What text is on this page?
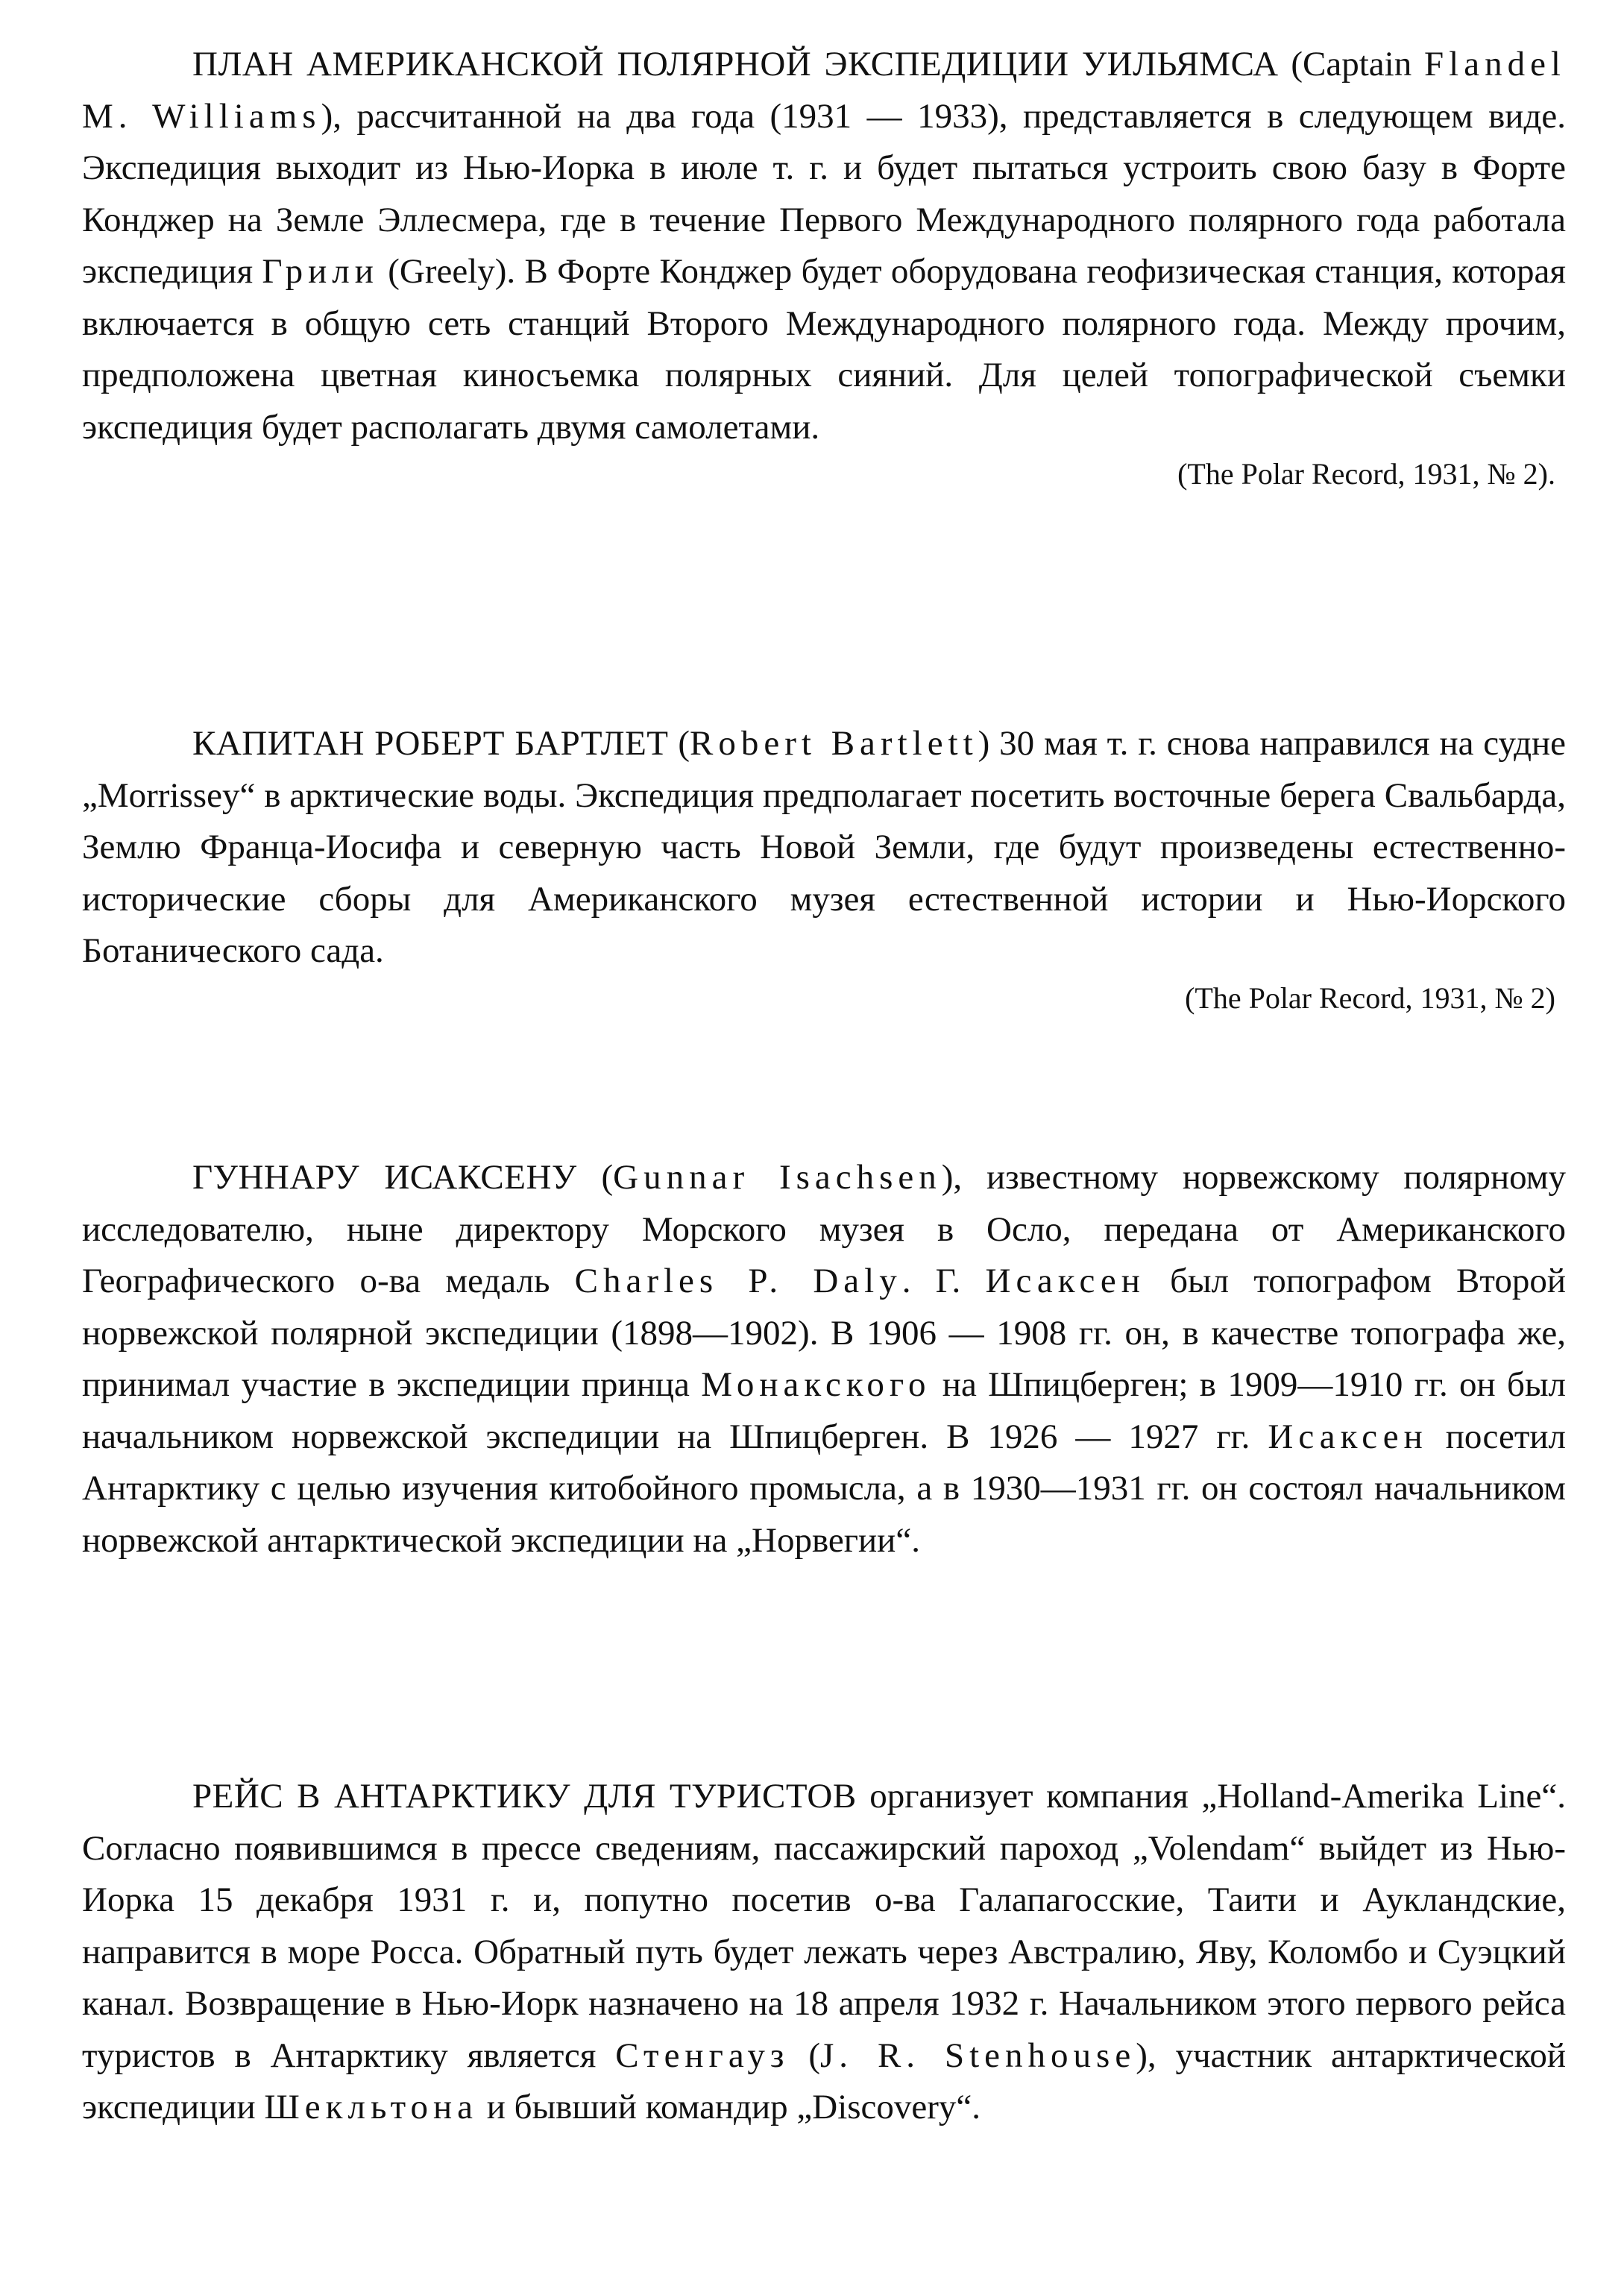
ПЛАН АМЕРИКАНСКОЙ ПОЛЯРНОЙ ЭКСПЕДИЦИИ УИЛЬЯМСА (Captain Flandel M. Williams), рассчитанной на два года (1931 — 1933), представляется в следующем виде. Экспедиция выходит из Нью-Иорка в июле т. г. и будет пытаться устроить свою базу в Форте Конджер на Земле Эллесмера, где в течение Первого Международного полярного года работала экспедиция Грили (Greely). В Форте Конджер будет оборудована геофизическая станция, которая включается в общую сеть станций Второго Международного полярного года. Между прочим, предположена цветная киносъемка полярных сияний. Для целей топографической съемки экспедиция будет располагать двумя самолетами.

(The Polar Record, 1931, № 2).

КАПИТАН РОБЕРТ БАРТЛЕТ (Robert Bartlett) 30 мая т. г. снова направился на судне „Morrissey“ в арктические воды. Экспедиция предполагает посетить восточные берега Свальбарда, Землю Франца-Иосифа и северную часть Новой Земли, где будут произведены естественно-исторические сборы для Американского музея естественной истории и Нью-Иорского Ботанического сада.

(The Polar Record, 1931, № 2)

ГУННАРУ ИСАКСЕНУ (Gunnar Isachsen), известному норвежскому полярному исследователю, ныне директору Морского музея в Осло, передана от Американского Географического о-ва медаль Charles P. Daly. Г. Исаксен был топографом Второй норвежской полярной экспедиции (1898—1902). В 1906 — 1908 гг. он, в качестве топографа же, принимал участие в экспедиции принца Монакского на Шпицберген; в 1909—1910 гг. он был начальником норвежской экспедиции на Шпицберген. В 1926 — 1927 гг. Исаксен посетил Антарктику с целью изучения китобойного промысла, а в 1930—1931 гг. он состоял начальником норвежской антарктической экспедиции на „Норвегии“.

РЕЙС В АНТАРКТИКУ ДЛЯ ТУРИСТОВ организует компания „Holland-Amerika Line“. Согласно появившимся в прессе сведениям, пассажирский пароход „Volendam“ выйдет из Нью-Иорка 15 декабря 1931 г. и, попутно посетив о-ва Галапагосские, Таити и Аукландские, направится в море Росса. Обратный путь будет лежать через Австралию, Яву, Коломбо и Суэцкий канал. Возвращение в Нью-Иорк назначено на 18 апреля 1932 г. Начальником этого первого рейса туристов в Антарктику является Стенгауз (J. R. Stenhouse), участник антарктической экспедиции Шекльтона и бывший командир „Discovery“.
